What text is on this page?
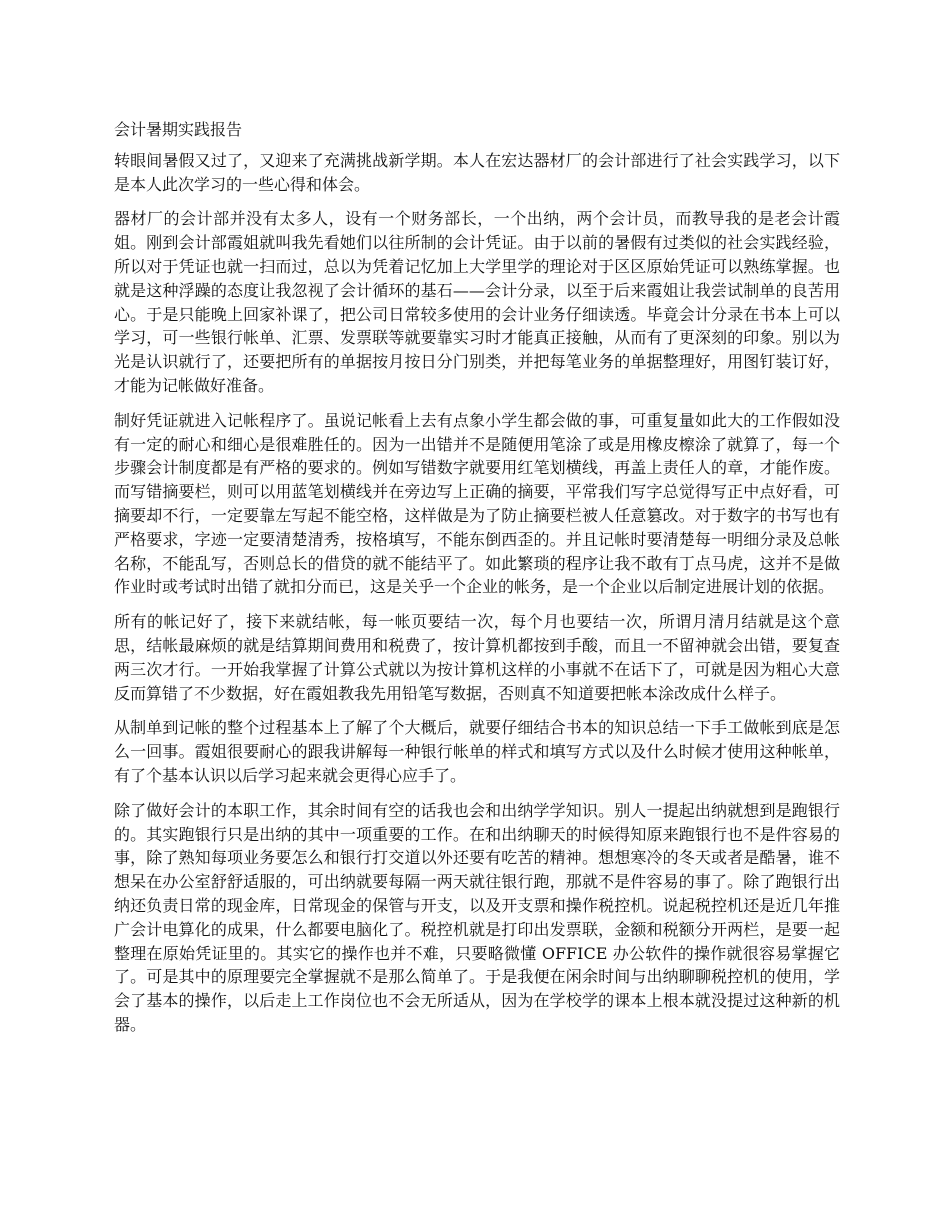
会计暑期实践报告

转眼间暑假又过了，又迎来了充满挑战新学期。本人在宏达器材厂的会计部进行了社会实践学习，以下是本人此次学习的一些心得和体会。

器材厂的会计部并没有太多人，设有一个财务部长，一个出纳，两个会计员，而教导我的是老会计霞姐。刚到会计部霞姐就叫我先看她们以往所制的会计凭证。由于以前的暑假有过类似的社会实践经验，所以对于凭证也就一扫而过，总以为凭着记忆加上大学里学的理论对于区区原始凭证可以熟练掌握。也就是这种浮躁的态度让我忽视了会计循环的基石——会计分录，以至于后来霞姐让我尝试制单的良苦用心。于是只能晚上回家补课了，把公司日常较多使用的会计业务仔细读透。毕竟会计分录在书本上可以学习，可一些银行帐单、汇票、发票联等就要靠实习时才能真正接触，从而有了更深刻的印象。别以为光是认识就行了，还要把所有的单据按月按日分门别类，并把每笔业务的单据整理好，用图钉装订好，才能为记帐做好准备。

制好凭证就进入记帐程序了。虽说记帐看上去有点象小学生都会做的事，可重复量如此大的工作假如没有一定的耐心和细心是很难胜任的。因为一出错并不是随便用笔涂了或是用橡皮檫涂了就算了，每一个步骤会计制度都是有严格的要求的。例如写错数字就要用红笔划横线，再盖上责任人的章，才能作废。而写错摘要栏，则可以用蓝笔划横线并在旁边写上正确的摘要，平常我们写字总觉得写正中点好看，可摘要却不行，一定要靠左写起不能空格，这样做是为了防止摘要栏被人任意篡改。对于数字的书写也有严格要求，字迹一定要清楚清秀，按格填写，不能东倒西歪的。并且记帐时要清楚每一明细分录及总帐名称，不能乱写，否则总长的借贷的就不能结平了。如此繁琐的程序让我不敢有丁点马虎，这并不是做作业时或考试时出错了就扣分而已，这是关乎一个企业的帐务，是一个企业以后制定进展计划的依据。

所有的帐记好了，接下来就结帐，每一帐页要结一次，每个月也要结一次，所谓月清月结就是这个意思，结帐最麻烦的就是结算期间费用和税费了，按计算机都按到手酸，而且一不留神就会出错，要复查两三次才行。一开始我掌握了计算公式就以为按计算机这样的小事就不在话下了，可就是因为粗心大意反而算错了不少数据，好在霞姐教我先用铅笔写数据，否则真不知道要把帐本涂改成什么样子。

从制单到记帐的整个过程基本上了解了个大概后，就要仔细结合书本的知识总结一下手工做帐到底是怎么一回事。霞姐很要耐心的跟我讲解每一种银行帐单的样式和填写方式以及什么时候才使用这种帐单，有了个基本认识以后学习起来就会更得心应手了。

除了做好会计的本职工作，其余时间有空的话我也会和出纳学学知识。别人一提起出纳就想到是跑银行的。其实跑银行只是出纳的其中一项重要的工作。在和出纳聊天的时候得知原来跑银行也不是件容易的事，除了熟知每项业务要怎么和银行打交道以外还要有吃苦的精神。想想寒冷的冬天或者是酷暑，谁不想呆在办公室舒舒适服的，可出纳就要每隔一两天就往银行跑，那就不是件容易的事了。除了跑银行出纳还负责日常的现金库，日常现金的保管与开支，以及开支票和操作税控机。说起税控机还是近几年推广会计电算化的成果，什么都要电脑化了。税控机就是打印出发票联，金额和税额分开两栏，是要一起整理在原始凭证里的。其实它的操作也并不难，只要略微懂 OFFICE 办公软件的操作就很容易掌握它了。可是其中的原理要完全掌握就不是那么简单了。于是我便在闲余时间与出纳聊聊税控机的使用，学会了基本的操作，以后走上工作岗位也不会无所适从，因为在学校学的课本上根本就没提过这种新的机器。
